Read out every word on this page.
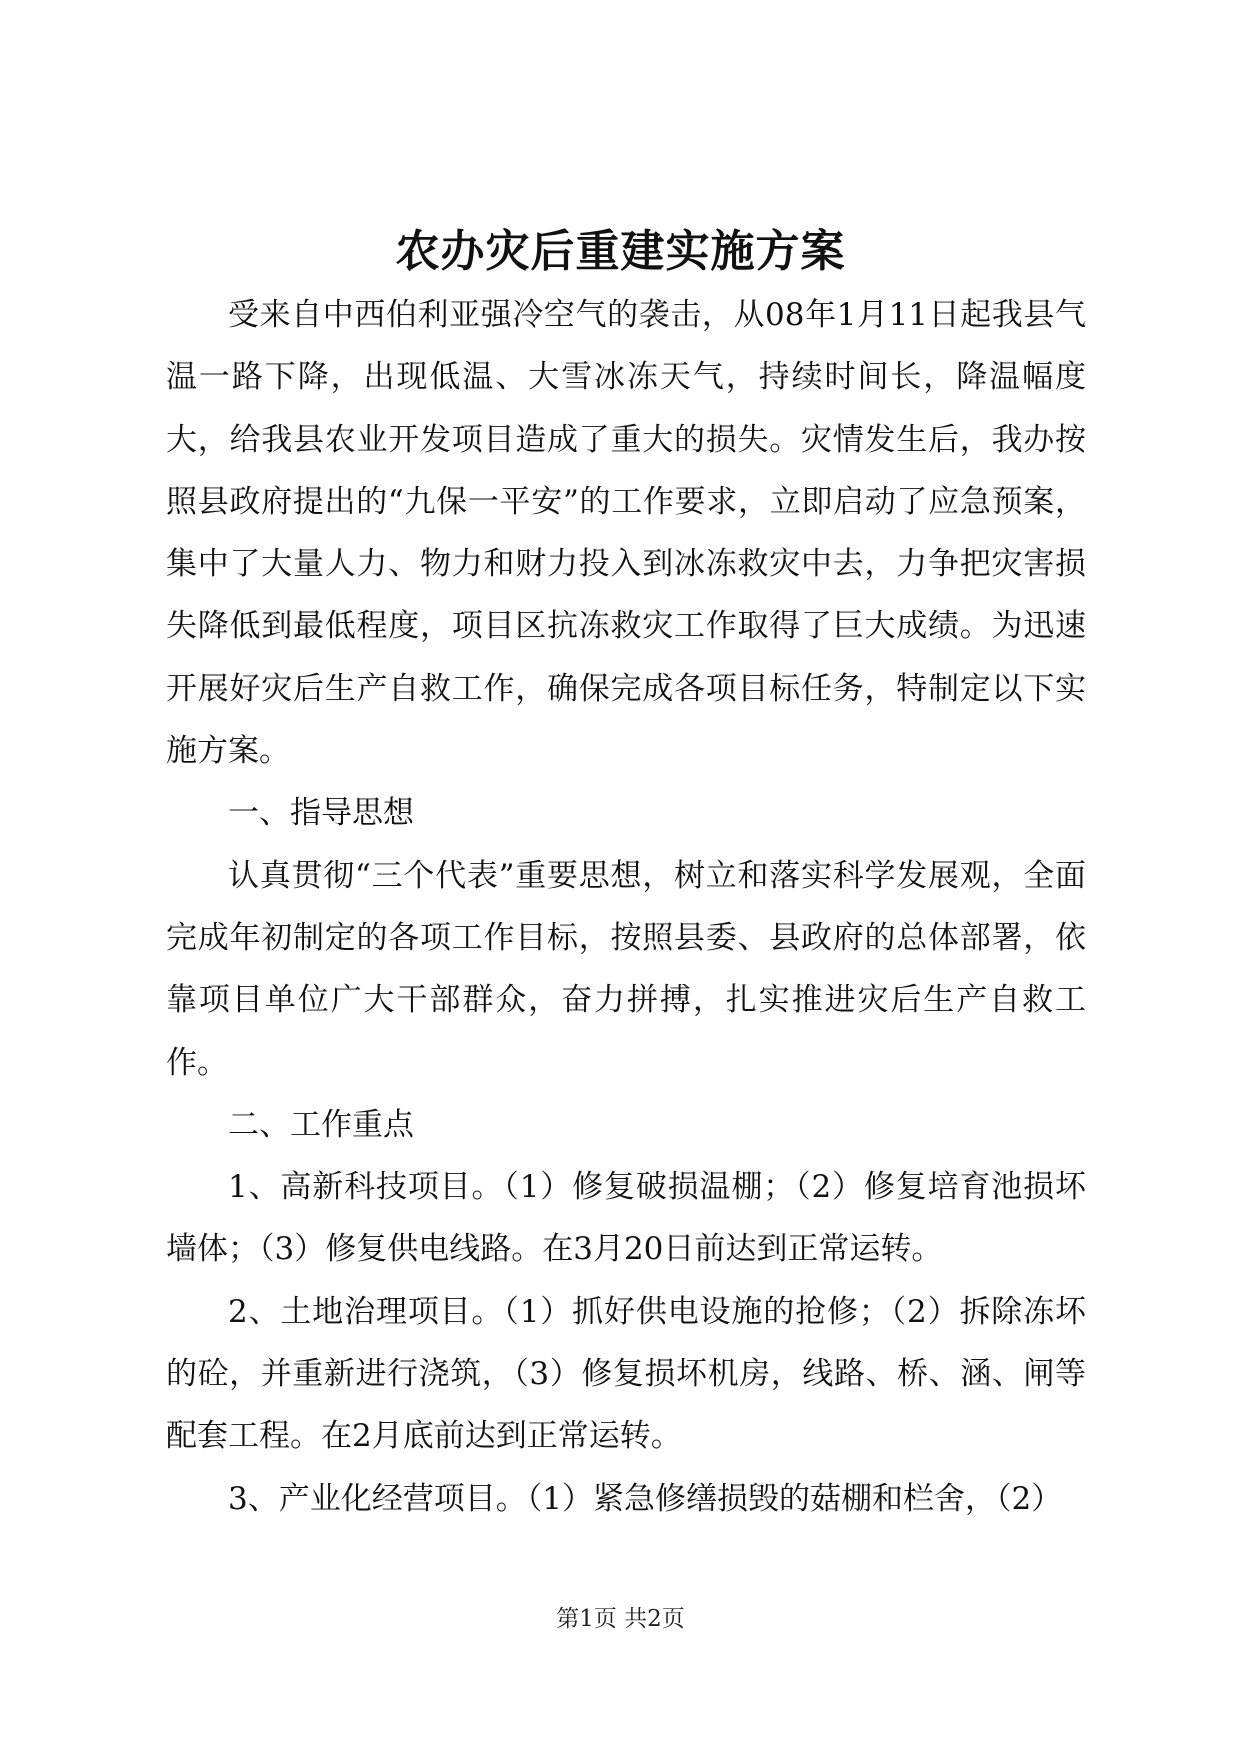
农办灾后重建实施方案

受来自中西伯利亚强冷空气的袭击，从08年1月11日起我县气温一路下降，出现低温、大雪冰冻天气，持续时间长，降温幅度大，给我县农业开发项目造成了重大的损失。灾情发生后，我办按照县政府提出的“九保一平安”的工作要求，立即启动了应急预案，集中了大量人力、物力和财力投入到冰冻救灾中去，力争把灾害损失降低到最低程度，项目区抗冻救灾工作取得了巨大成绩。为迅速开展好灾后生产自救工作，确保完成各项目标任务，特制定以下实施方案。

一、指导思想

认真贯彻“三个代表”重要思想，树立和落实科学发展观，全面完成年初制定的各项工作目标，按照县委、县政府的总体部署，依靠项目单位广大干部群众，奋力拼搏，扎实推进灾后生产自救工作。

二、工作重点

1、高新科技项目。（1）修复破损温棚；（2）修复培育池损坏墙体；（3）修复供电线路。在3月20日前达到正常运转。

2、土地治理项目。（1）抓好供电设施的抢修；（2）拆除冻坏的砼，并重新进行浇筑，（3）修复损坏机房，线路、桥、涵、闸等配套工程。在2月底前达到正常运转。

3、产业化经营项目。（1）紧急修缮损毁的菇棚和栏舍，（2）

第1页 共2页
